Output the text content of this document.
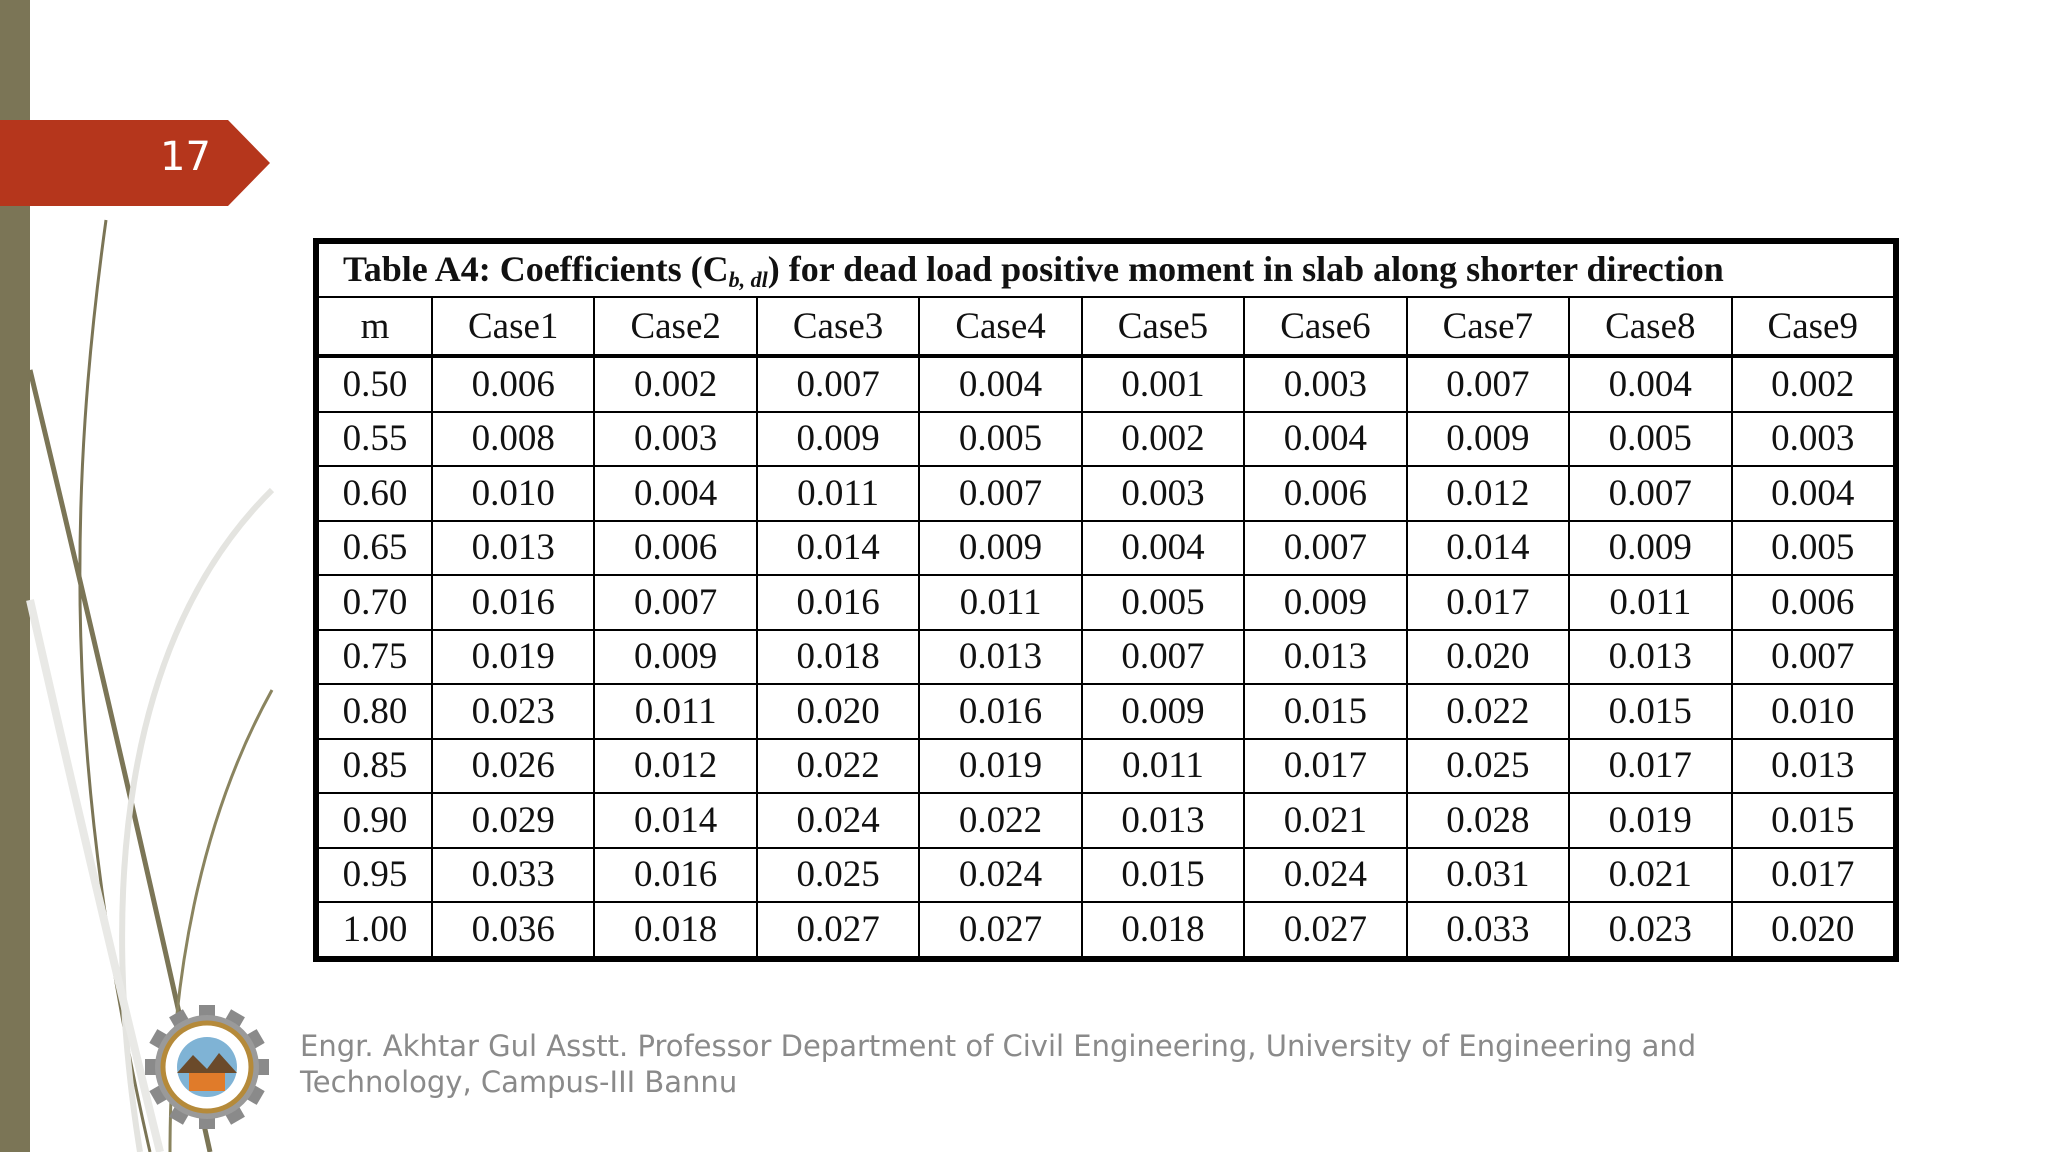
17
Table A4: Coefficients $(C_{b, dl})$ for dead load positive moment in slab along shorter direction									
m	Case1	Case2	Case3	Case4	Case5	Case6	Case7	Case8	Case9
0.50	0.006	0.002	0.007	0.004	0.001	0.003	0.007	0.004	0.002
0.55	0.008	0.003	0.009	0.005	0.002	0.004	0.009	0.005	0.003
0.60	0.010	0.004	0.011	0.007	0.003	0.006	0.012	0.007	0.004
0.65	0.013	0.006	0.014	0.009	0.004	0.007	0.014	0.009	0.005
0.70	0.016	0.007	0.016	0.011	0.005	0.009	0.017	0.011	0.006
0.75	0.019	0.009	0.018	0.013	0.007	0.013	0.020	0.013	0.007
0.80	0.023	0.011	0.020	0.016	0.009	0.015	0.022	0.015	0.010
0.85	0.026	0.012	0.022	0.019	0.011	0.017	0.025	0.017	0.013
0.90	0.029	0.014	0.024	0.022	0.013	0.021	0.028	0.019	0.015
0.95	0.033	0.016	0.025	0.024	0.015	0.024	0.031	0.021	0.017
1.00	0.036	0.018	0.027	0.027	0.018	0.027	0.033	0.023	0.020
Engr. Akhtar Gul Asstt. Professor Department of Civil Engineering, University of Engineering and Technology, Campus-III Bannu
